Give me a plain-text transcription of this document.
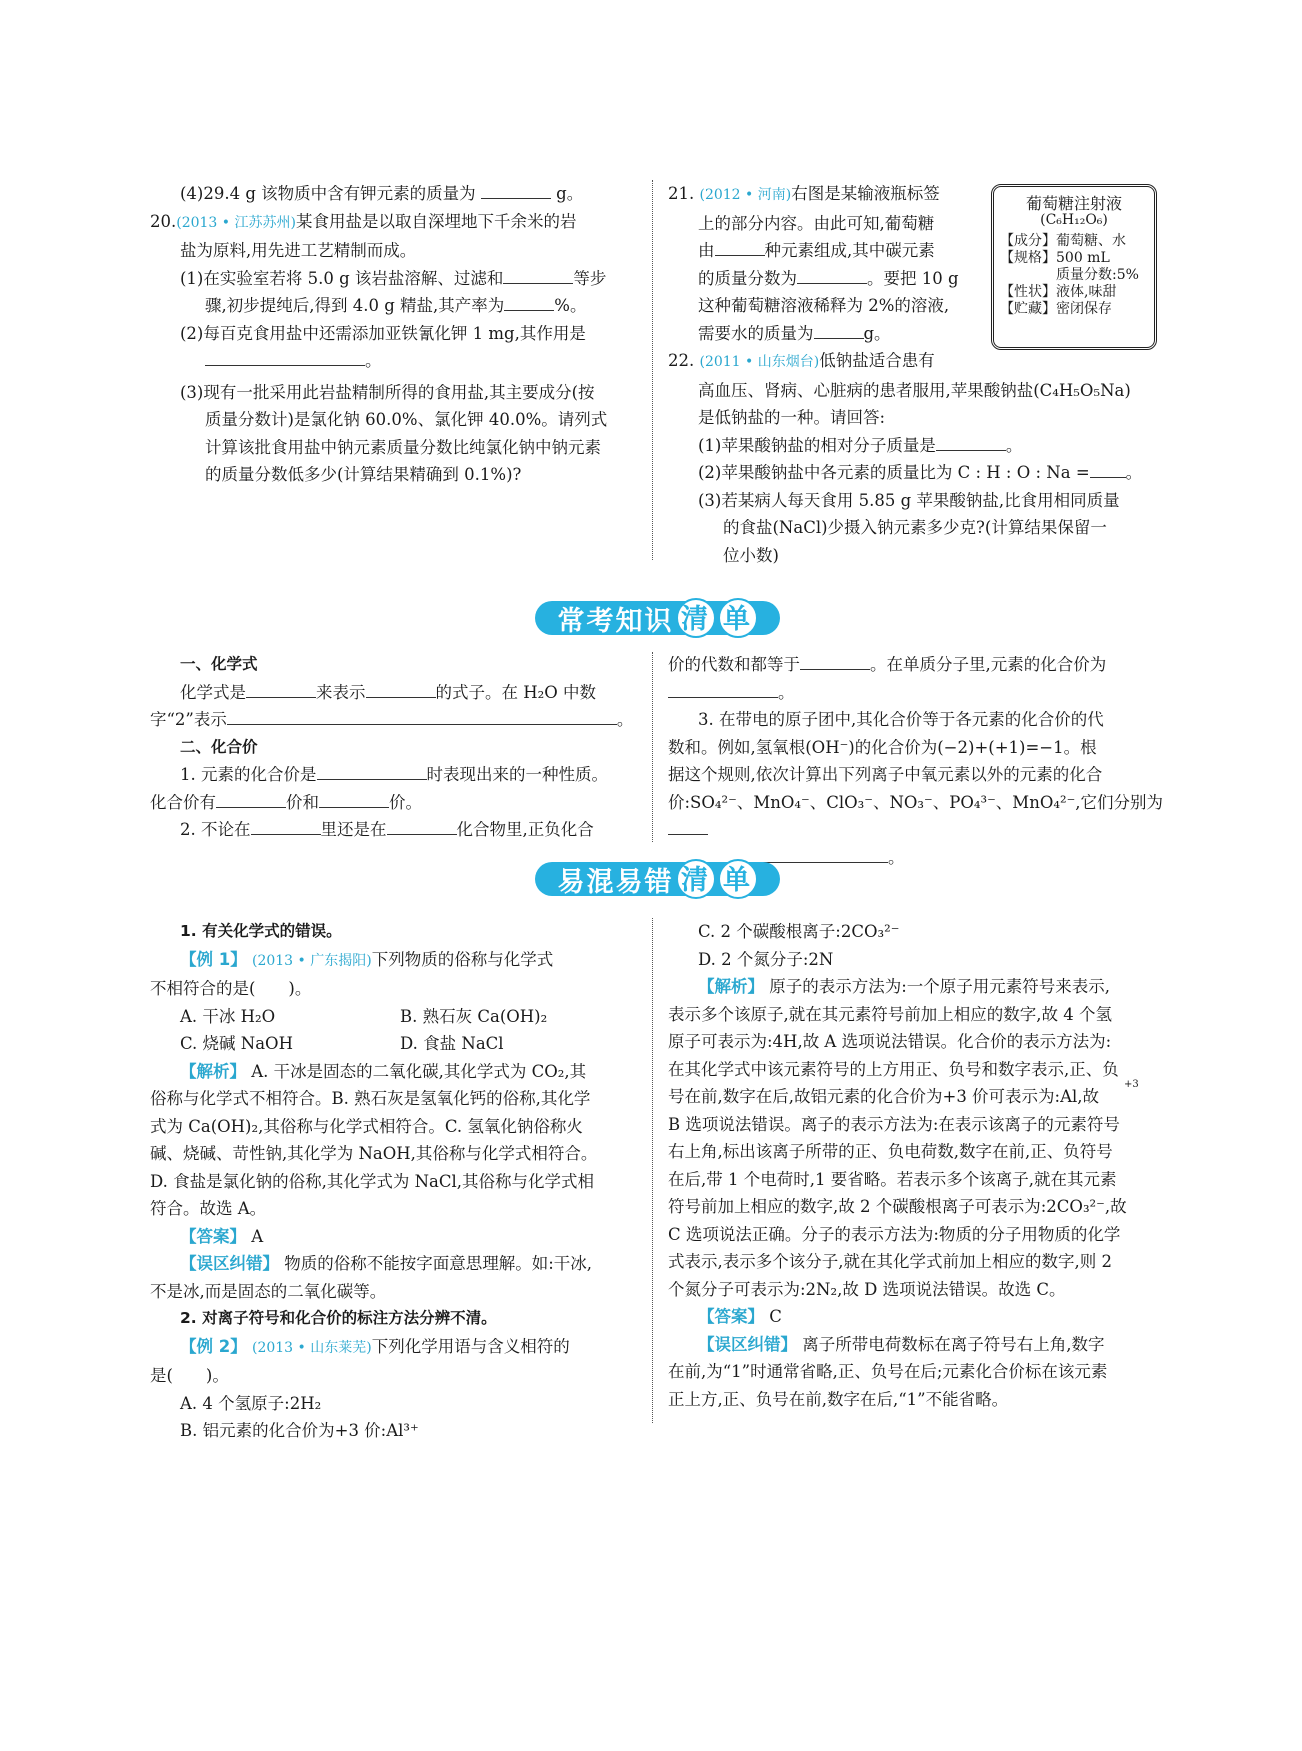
(4)29.4 g 该物质中含有钾元素的质量为	g。

20.(2013 • 江苏苏州)某食用盐是以取自深埋地下千余米的岩

盐为原料,用先进工艺精制而成。

(1)在实验室若将 5.0 g 该岩盐溶解、过滤和	等步

骤,初步提纯后,得到 4.0 g 精盐,其产率为	%。

(2)每百克食用盐中还需添加亚铁氰化钾 1 mg,其作用是

。

(3)现有一批采用此岩盐精制所得的食用盐,其主要成分(按

质量分数计)是氯化钠 60.0%、氯化钾 40.0%。请列式

计算该批食用盐中钠元素质量分数比纯氯化钠中钠元素

的质量分数低多少(计算结果精确到 0.1%)?

21. (2012 • 河南)右图是某输液瓶标签

上的部分内容。由此可知,葡萄糖

由	种元素组成,其中碳元素

的质量分数为	。要把 10 g

这种葡萄糖溶液稀释为 2%的溶液,

需要水的质量为	g。

22. (2011 • 山东烟台)低钠盐适合患有

高血压、肾病、心脏病的患者服用,苹果酸钠盐(C₄H₅O₅Na)

是低钠盐的一种。请回答:

(1)苹果酸钠盐的相对分子质量是	。

(2)苹果酸钠盐中各元素的质量比为 C : H : O : Na = 。

(3)若某病人每天食用 5.85 g 苹果酸钠盐,比食用相同质量

的食盐(NaCl)少摄入钠元素多少克?(计算结果保留一

位小数)

葡萄糖注射液
(C₆H₁₂O₆)
【成分】葡萄糖、水
【规格】500 mL
质量分数:5%
【性状】液体,味甜
【贮藏】密闭保存
常考知识 清 单

一、化学式

化学式是	来表示	的式子。在 H₂O 中数

字“2”表示	。

二、化合价

1. 元素的化合价是	时表现出来的一种性质。

化合价有	价和	价。

2. 不论在	里还是在	化合物里,正负化合

价的代数和都等于	。在单质分子里,元素的化合价为

。

3. 在带电的原子团中,其化合价等于各元素的化合价的代

数和。例如,氢氧根(OH⁻)的化合价为(−2)+(+1)=−1。根

据这个规则,依次计算出下列离子中氧元素以外的元素的化合

价:SO₄²⁻、MnO₄⁻、ClO₃⁻、NO₃⁻、PO₄³⁻、MnO₄²⁻,它们分别为

。

易混易错 清 单

1. 有关化学式的错误。

【例 1】 (2013 • 广东揭阳)下列物质的俗称与化学式

不相符合的是(　　)。

A. 干冰 H₂O	B. 熟石灰 Ca(OH)₂

C. 烧碱 NaOH	D. 食盐 NaCl

【解析】 A. 干冰是固态的二氧化碳,其化学式为 CO₂,其

俗称与化学式不相符合。B. 熟石灰是氢氧化钙的俗称,其化学

式为 Ca(OH)₂,其俗称与化学式相符合。C. 氢氧化钠俗称火

碱、烧碱、苛性钠,其化学为 NaOH,其俗称与化学式相符合。

D. 食盐是氯化钠的俗称,其化学式为 NaCl,其俗称与化学式相

符合。故选 A。

【答案】 A

【误区纠错】 物质的俗称不能按字面意思理解。如:干冰,

不是冰,而是固态的二氧化碳等。

2. 对离子符号和化合价的标注方法分辨不清。

【例 2】 (2013 • 山东莱芜)下列化学用语与含义相符的

是(　　)。

A. 4 个氢原子:2H₂

B. 铝元素的化合价为+3 价:Al³⁺

C. 2 个碳酸根离子:2CO₃²⁻

D. 2 个氮分子:2N

【解析】 原子的表示方法为:一个原子用元素符号来表示,

表示多个该原子,就在其元素符号前加上相应的数字,故 4 个氢

原子可表示为:4H,故 A 选项说法错误。化合价的表示方法为:

在其化学式中该元素符号的上方用正、负号和数字表示,正、负

号在前,数字在后,故铝元素的化合价为+3 价可表示为:Al,故
+3

B 选项说法错误。离子的表示方法为:在表示该离子的元素符号

右上角,标出该离子所带的正、负电荷数,数字在前,正、负符号

在后,带 1 个电荷时,1 要省略。若表示多个该离子,就在其元素

符号前加上相应的数字,故 2 个碳酸根离子可表示为:2CO₃²⁻,故

C 选项说法正确。分子的表示方法为:物质的分子用物质的化学

式表示,表示多个该分子,就在其化学式前加上相应的数字,则 2

个氮分子可表示为:2N₂,故 D 选项说法错误。故选 C。

【答案】 C

【误区纠错】 离子所带电荷数标在离子符号右上角,数字

在前,为“1”时通常省略,正、负号在后;元素化合价标在该元素

正上方,正、负号在前,数字在后,“1”不能省略。
